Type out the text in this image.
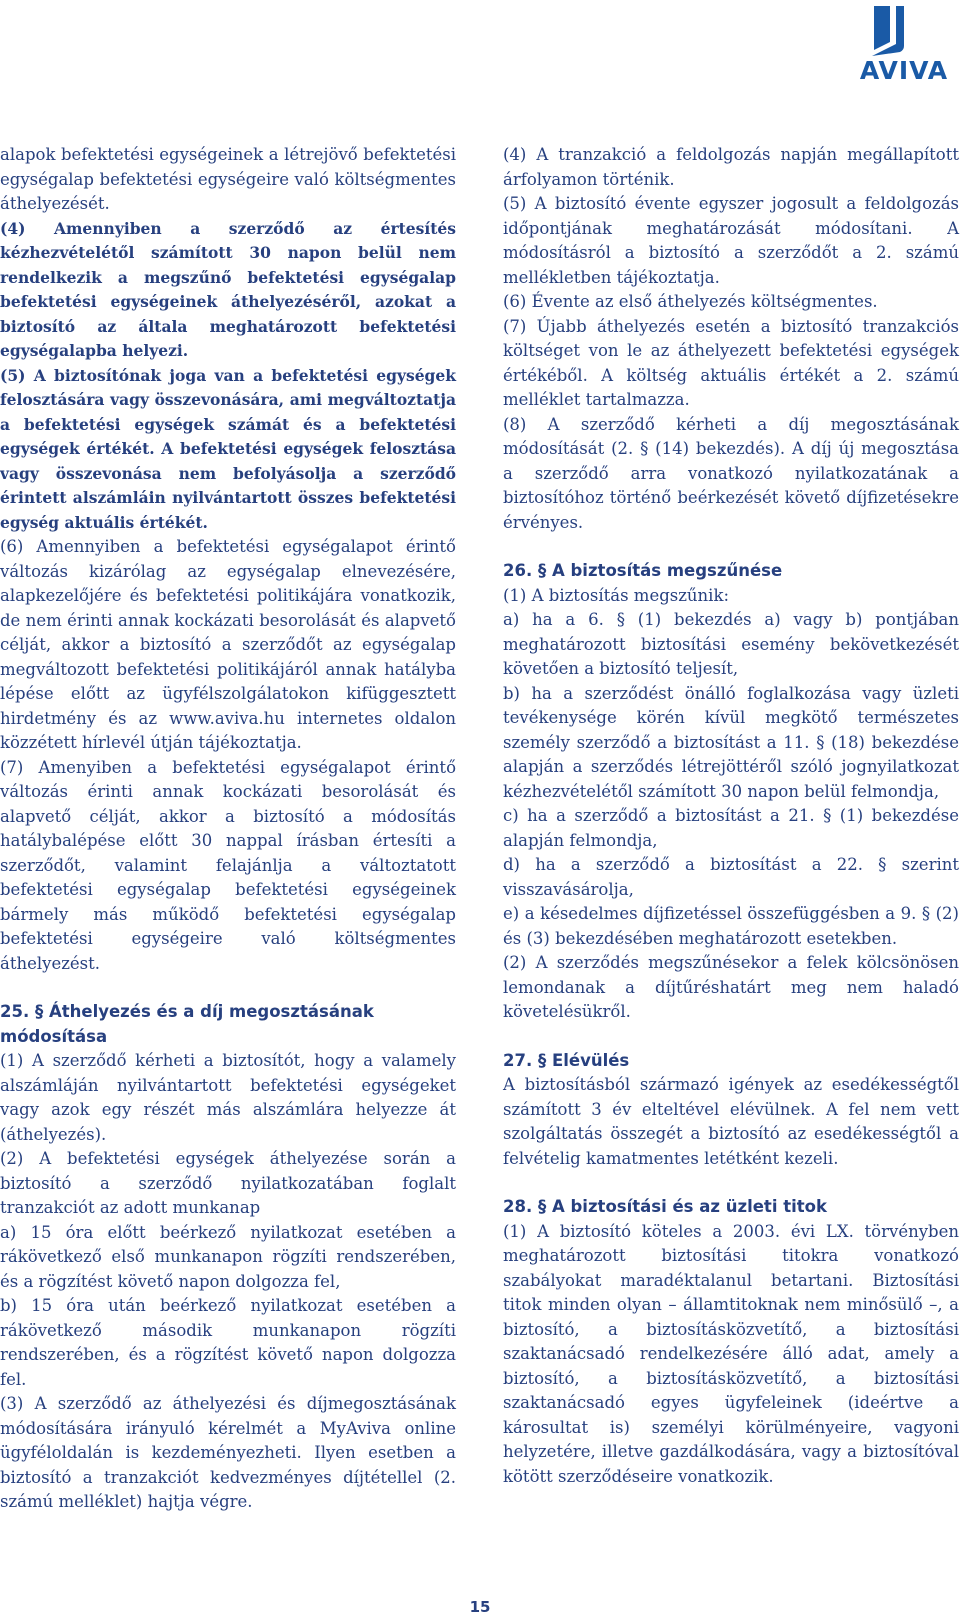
AVIVA

alapok befektetési egységeinek a létrejövő befektetési egységalap befektetési egységeire való költségmentes áthelyezését.

(4) Amennyiben a szerződő az értesítés kézhezvételétől számított 30 napon belül nem rendelkezik a megszűnő befektetési egységalap befektetési egységeinek áthelyezéséről, azokat a biztosító az általa meghatározott befektetési egységalapba helyezi.

(5) A biztosítónak joga van a befektetési egységek felosztására vagy összevonására, ami megváltoztatja a befektetési egységek számát és a befektetési egységek értékét. A befektetési egységek felosztása vagy összevonása nem befolyásolja a szerződő érintett alszámláin nyilvántartott összes befektetési egység aktuális értékét.

(6) Amennyiben a befektetési egységalapot érintő változás kizárólag az egységalap elnevezésére, alapkezelőjére és befektetési politikájára vonatkozik, de nem érinti annak kockázati besorolását és alapvető célját, akkor a biztosító a szerződőt az egységalap megváltozott befektetési politikájáról annak hatályba lépése előtt az ügyfélszolgálatokon kifüggesztett hirdetmény és az www.aviva.hu internetes oldalon közzétett hírlevél útján tájékoztatja.

(7) Amenyiben a befektetési egységalapot érintő változás érinti annak kockázati besorolását és alapvető célját, akkor a biztosító a módosítás hatálybalépése előtt 30 nappal írásban értesíti a szerződőt, valamint felajánlja a változtatott befektetési egységalap befektetési egységeinek bármely más működő befektetési egységalap befektetési egységeire való költségmentes áthelyezést.

25. § Áthelyezés és a díj megosztásának módosítása

(1) A szerződő kérheti a biztosítót, hogy a valamely alszámláján nyilvántartott befektetési egységeket vagy azok egy részét más alszámlára helyezze át (áthelyezés).

(2) A befektetési egységek áthelyezése során a biztosító a szerződő nyilatkozatában foglalt tranzakciót az adott munkanap

a) 15 óra előtt beérkező nyilatkozat esetében a rákövetkező első munkanapon rögzíti rendszerében, és a rögzítést követő napon dolgozza fel,

b) 15 óra után beérkező nyilatkozat esetében a rákövetkező második munkanapon rögzíti rendszerében, és a rögzítést követő napon dolgozza fel.

(3) A szerződő az áthelyezési és díjmegosztásának módosítására irányuló kérelmét a MyAviva online ügyféloldalán is kezdeményezheti. Ilyen esetben a biztosító a tranzakciót kedvezményes díjtétellel (2. számú melléklet) hajtja végre.

(4) A tranzakció a feldolgozás napján megállapított árfolyamon történik.

(5) A biztosító évente egyszer jogosult a feldolgozás időpontjának meghatározását módosítani. A módosításról a biztosító a szerződőt a 2. számú mellékletben tájékoztatja.

(6) Évente az első áthelyezés költségmentes.

(7) Újabb áthelyezés esetén a biztosító tranzakciós költséget von le az áthelyezett befektetési egységek értékéből. A költség aktuális értékét a 2. számú melléklet tartalmazza.

(8) A szerződő kérheti a díj megosztásának módosítását (2. § (14) bekezdés). A díj új megosztása a szerződő arra vonatkozó nyilatkozatának a biztosítóhoz történő beérkezését követő díjfizetésekre érvényes.

26. § A biztosítás megszűnése

(1) A biztosítás megszűnik:

a) ha a 6. § (1) bekezdés a) vagy b) pontjában meghatározott biztosítási esemény bekövetkezését követően a biztosító teljesít,

b) ha a szerződést önálló foglalkozása vagy üzleti tevékenysége körén kívül megkötő természetes személy szerződő a biztosítást a 11. § (18) bekezdése alapján a szerződés létrejöttéről szóló jognyilatkozat kézhezvételétől számított 30 napon belül felmondja,

c) ha a szerződő a biztosítást a 21. § (1) bekezdése alapján felmondja,

d) ha a szerződő a biztosítást a 22. § szerint visszavásárolja,

e) a késedelmes díjfizetéssel összefüggésben a 9. § (2) és (3) bekezdésében meghatározott esetekben.

(2) A szerződés megszűnésekor a felek kölcsönösen lemondanak a díjtűréshatárt meg nem haladó követelésükről.

27. § Elévülés

A biztosításból származó igények az esedékességtől számított 3 év elteltével elévülnek. A fel nem vett szolgáltatás összegét a biztosító az esedékességtől a felvételig kamatmentes letétként kezeli.

28. § A biztosítási és az üzleti titok

(1) A biztosító köteles a 2003. évi LX. törvényben meghatározott biztosítási titokra vonatkozó szabályokat maradéktalanul betartani. Biztosítási titok minden olyan – államtitoknak nem minősülő –, a biztosító, a biztosításközvetítő, a biztosítási szaktanácsadó rendelkezésére álló adat, amely a biztosító, a biztosításközvetítő, a biztosítási szaktanácsadó egyes ügyfeleinek (ideértve a károsultat is) személyi körülményeire, vagyoni helyzetére, illetve gazdálkodására, vagy a biztosítóval kötött szerződéseire vonatkozik.

15
